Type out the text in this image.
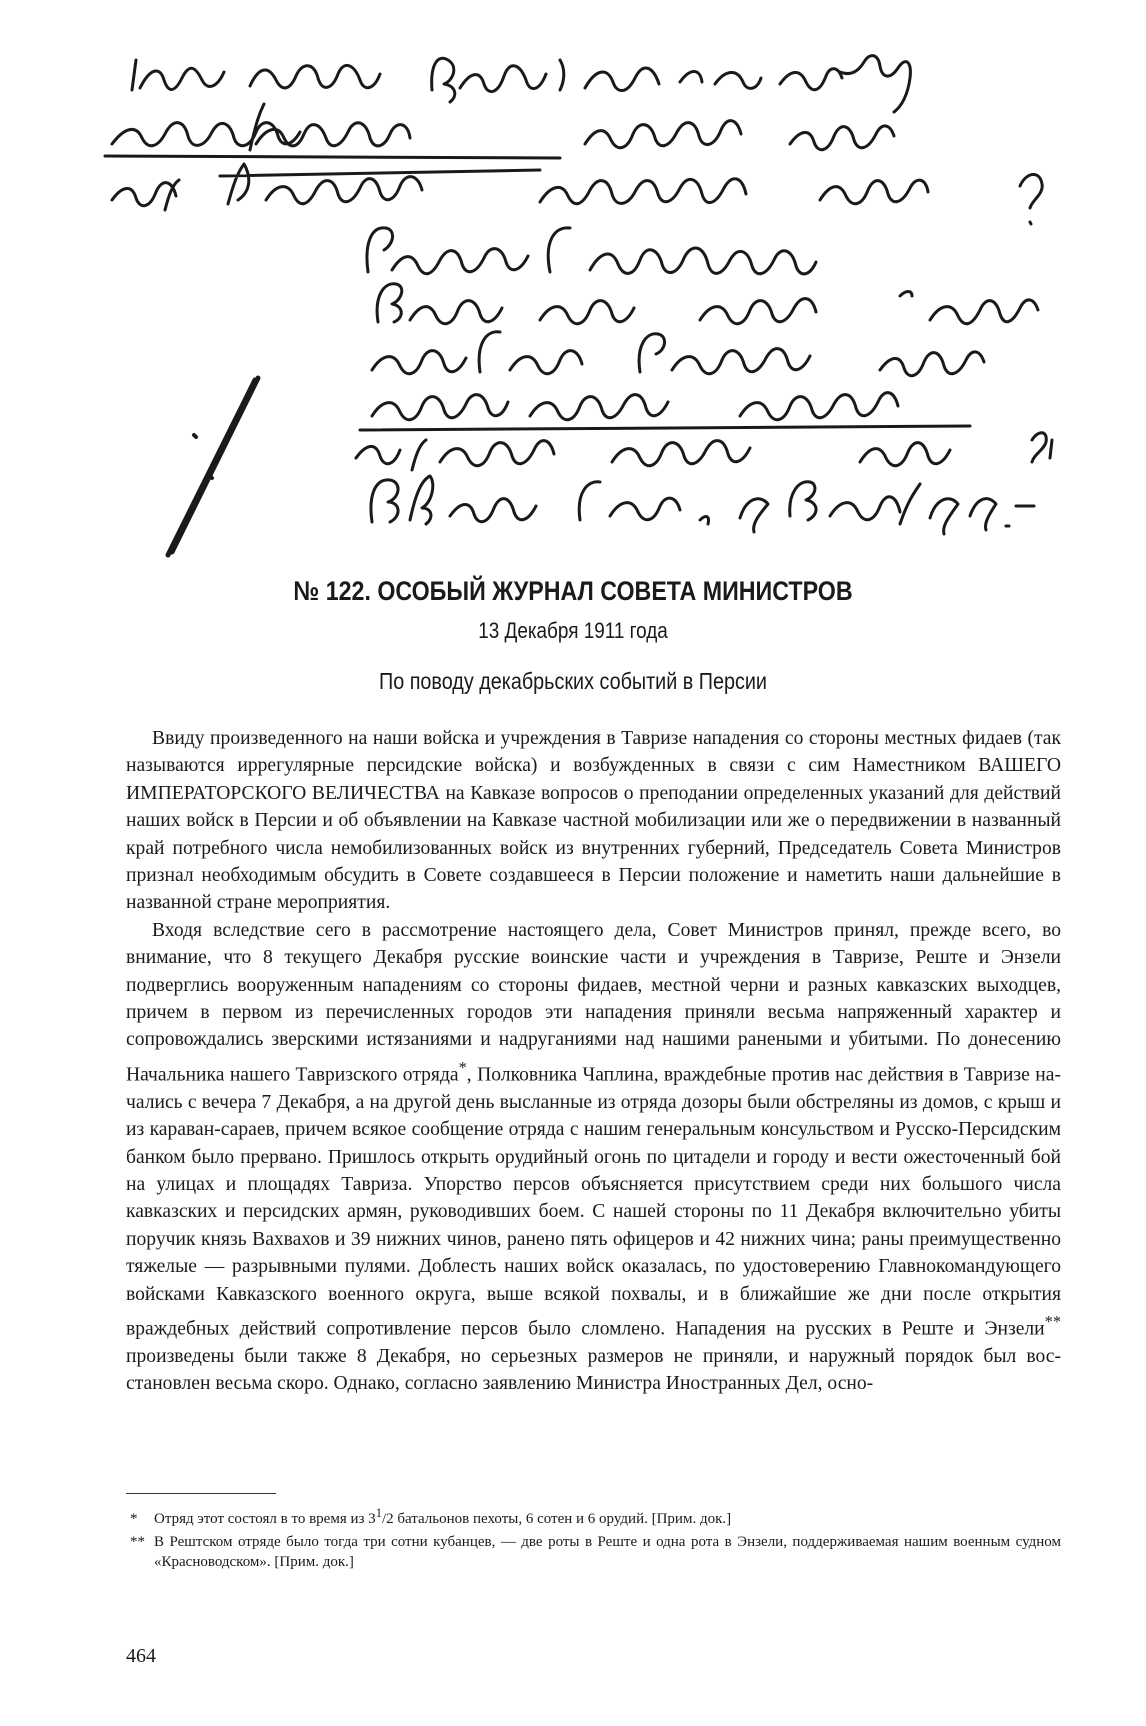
№ 122. ОСОБЫЙ ЖУРНАЛ СОВЕТА МИНИСТРОВ
13 Декабря 1911 года
По поводу декабрьских событий в Персии

Ввиду произведенного на наши войска и учреждения в Тавризе нападения со стороны местных фидаев (так называются иррегулярные персидские войска) и возбужденных в связи с сим Наместником ВАШЕГО ИМПЕРАТОРСКОГО ВЕЛИЧЕСТВА на Кавказе вопросов о преподании определенных указаний для действий наших войск в Персии и об объявлении на Кавказе частной мобилизации или же о передвижении в названный край потребного числа немобилизованных войск из внутренних губерний, Председатель Совета Министров признал необходимым обсудить в Совете создавшееся в Персии положение и наметить наши дальнейшие в названной стране мероприятия.

Входя вследствие сего в рассмотрение настоящего дела, Совет Министров принял, прежде всего, во внимание, что 8 текущего Декабря русские воинские части и учреждения в Тавризе, Реште и Энзели подверглись вооруженным нападениям со стороны фидаев, местной черни и разных кавказских выходцев, причем в первом из перечисленных городов эти нападения приняли весьма напряженный характер и сопровождались зверскими истязаниями и надруганиями над нашими ранеными и убитыми. По донесению Начальника нашего Тавризского отряда*, Полковника Чаплина, враждебные против нас действия в Тавризе начались с вечера 7 Декабря, а на другой день высланные из отряда дозоры были обстреляны из домов, с крыш и из караван-сараев, причем всякое сообщение отряда с нашим генеральным консульством и Русско-Персидским банком было прервано. Пришлось открыть орудийный огонь по цитадели и городу и вести ожесточенный бой на улицах и площадях Тавриза. Упорство персов объясняется присутствием среди них большого числа кавказских и персидских армян, руководивших боем. С нашей стороны по 11 Декабря включительно убиты поручик князь Вахвахов и 39 нижних чинов, ранено пять офицеров и 42 нижних чина; раны преимущественно тяжелые — разрывными пулями. Доблесть наших войск оказалась, по удостоверению Главнокомандующего войсками Кавказского военного округа, выше всякой похвалы, и в ближайшие же дни после открытия враждебных действий сопротивление персов было сломлено. Нападения на русских в Реште и Энзели** произведены были также 8 Декабря, но серьезных размеров не приняли, и наружный порядок был восстановлен весьма скоро. Однако, согласно заявлению Министра Иностранных Дел, осно-

* Отряд этот состоял в то время из $3^1/2$ батальонов пехоты, 6 сотен и 6 орудий. [Прим. док.]

** В Рештском отряде было тогда три сотни кубанцев, — две роты в Реште и одна рота в Энзели, поддерживаемая нашим военным судном «Красноводском». [Прим. док.]

464
